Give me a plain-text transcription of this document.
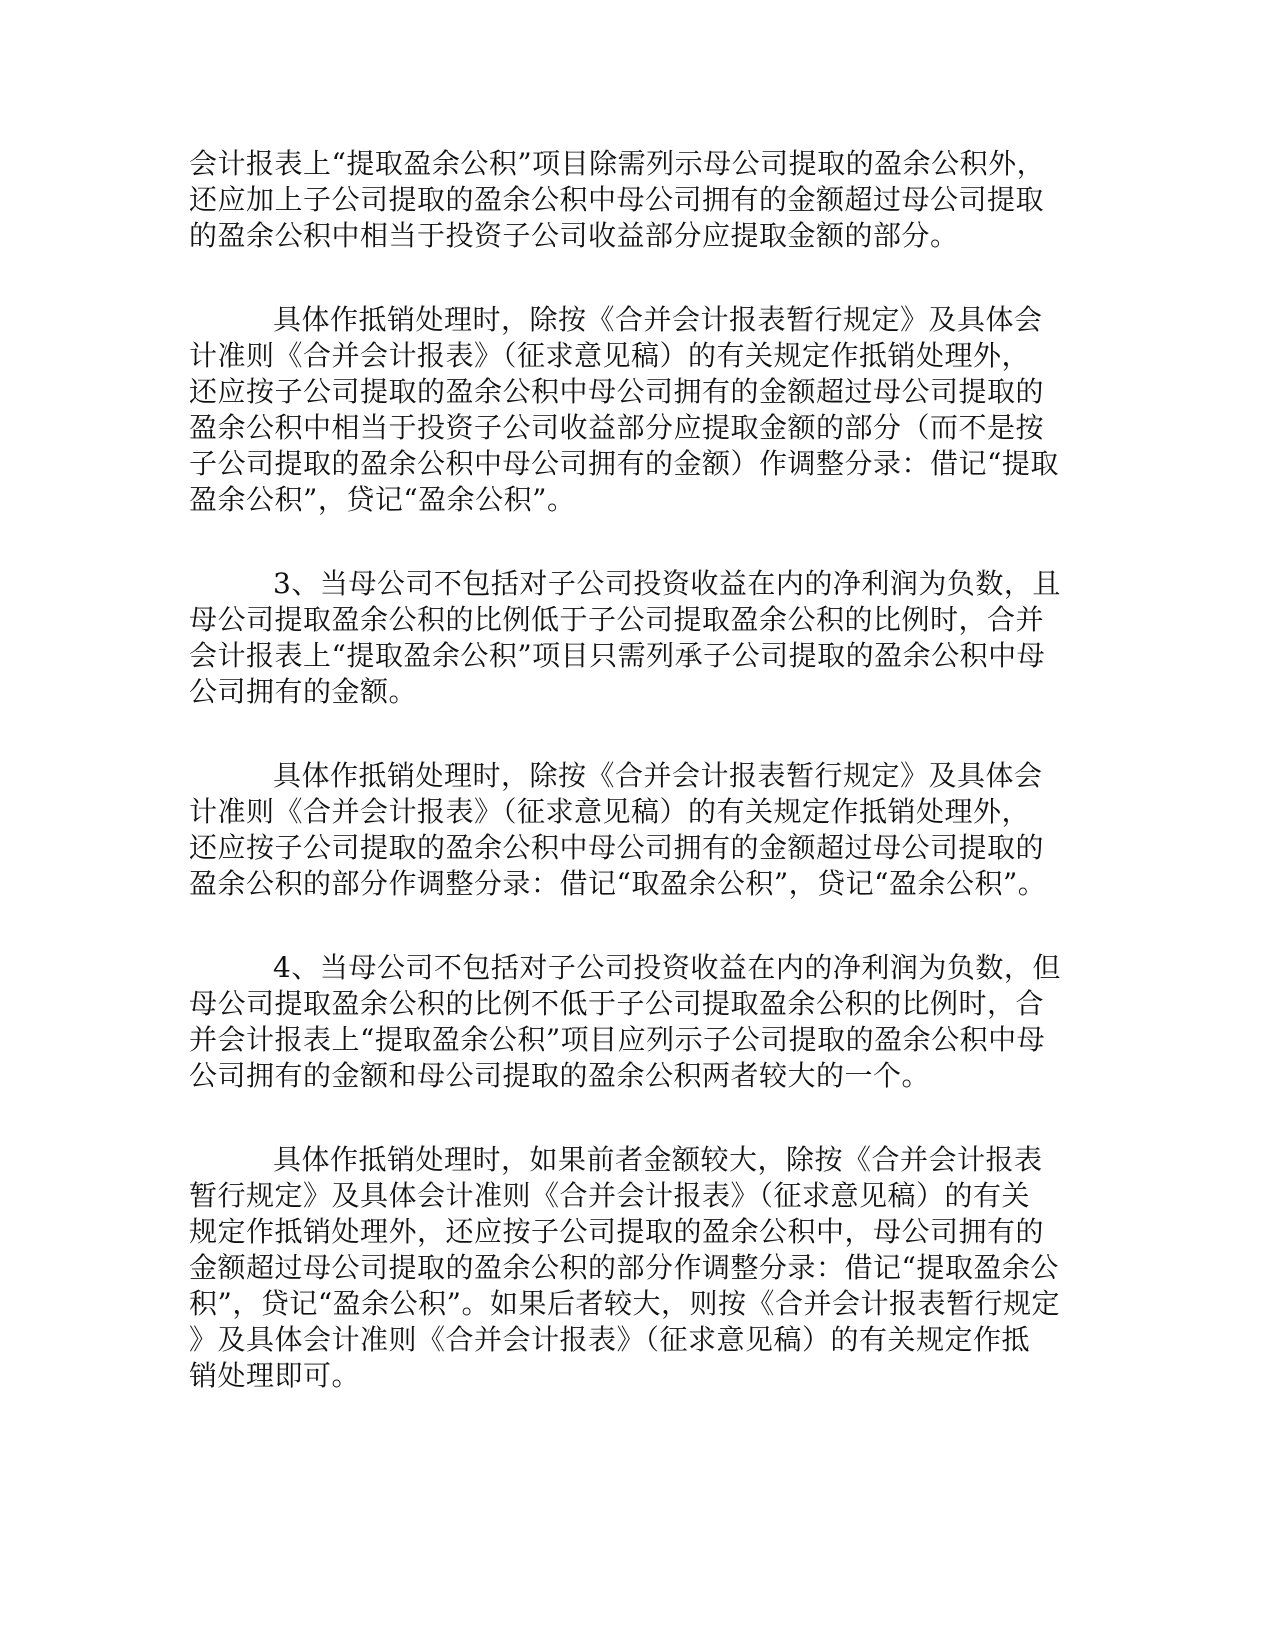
会计报表上“提取盈余公积”项目除需列示母公司提取的盈余公积外，
还应加上子公司提取的盈余公积中母公司拥有的金额超过母公司提取
的盈余公积中相当于投资子公司收益部分应提取金额的部分。
具体作抵销处理时，除按《合并会计报表暂行规定》及具体会
计准则《合并会计报表》（征求意见稿）的有关规定作抵销处理外，
还应按子公司提取的盈余公积中母公司拥有的金额超过母公司提取的
盈余公积中相当于投资子公司收益部分应提取金额的部分（而不是按
子公司提取的盈余公积中母公司拥有的金额）作调整分录：借记“提取
盈余公积”，贷记“盈余公积”。
3、当母公司不包括对子公司投资收益在内的净利润为负数，且
母公司提取盈余公积的比例低于子公司提取盈余公积的比例时，合并
会计报表上“提取盈余公积”项目只需列承子公司提取的盈余公积中母
公司拥有的金额。
具体作抵销处理时，除按《合并会计报表暂行规定》及具体会
计准则《合并会计报表》（征求意见稿）的有关规定作抵销处理外，
还应按子公司提取的盈余公积中母公司拥有的金额超过母公司提取的
盈余公积的部分作调整分录：借记“取盈余公积”，贷记“盈余公积”。
4、当母公司不包括对子公司投资收益在内的净利润为负数，但
母公司提取盈余公积的比例不低于子公司提取盈余公积的比例时，合
并会计报表上“提取盈余公积”项目应列示子公司提取的盈余公积中母
公司拥有的金额和母公司提取的盈余公积两者较大的一个。
具体作抵销处理时，如果前者金额较大，除按《合并会计报表
暂行规定》及具体会计准则《合并会计报表》（征求意见稿）的有关
规定作抵销处理外，还应按子公司提取的盈余公积中，母公司拥有的
金额超过母公司提取的盈余公积的部分作调整分录：借记“提取盈余公
积”，贷记“盈余公积”。如果后者较大，则按《合并会计报表暂行规定
》及具体会计准则《合并会计报表》（征求意见稿）的有关规定作抵
销处理即可。
